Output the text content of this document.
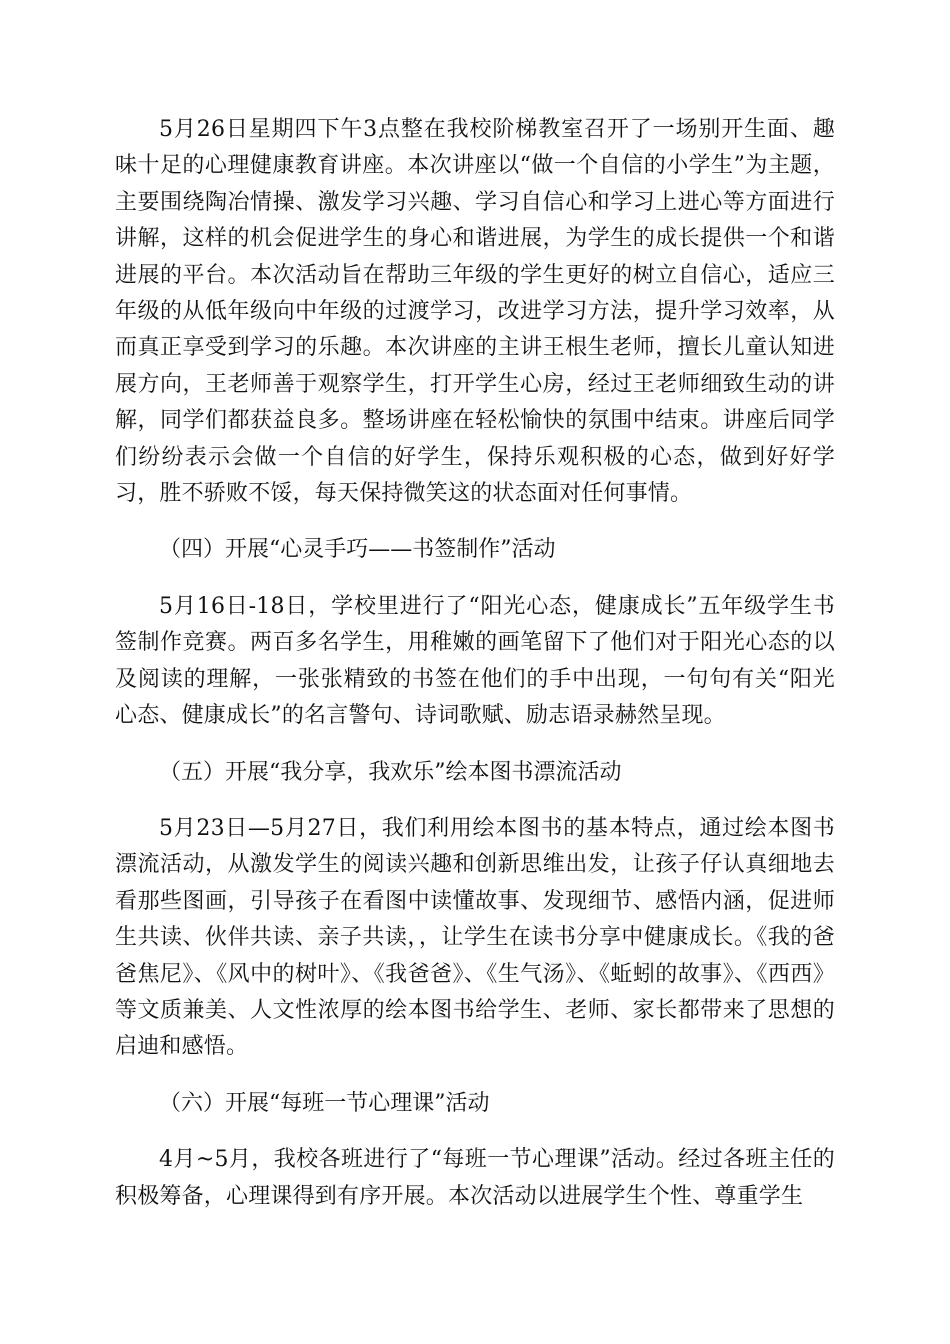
5月26日星期四下午3点整在我校阶梯教室召开了一场别开生面、趣味十足的心理健康教育讲座。本次讲座以“做一个自信的小学生”为主题，主要围绕陶冶情操、激发学习兴趣、学习自信心和学习上进心等方面进行讲解，这样的机会促进学生的身心和谐进展，为学生的成长提供一个和谐进展的平台。本次活动旨在帮助三年级的学生更好的树立自信心，适应三年级的从低年级向中年级的过渡学习，改进学习方法，提升学习效率，从而真正享受到学习的乐趣。本次讲座的主讲王根生老师，擅长儿童认知进展方向，王老师善于观察学生，打开学生心房，经过王老师细致生动的讲解，同学们都获益良多。整场讲座在轻松愉快的氛围中结束。讲座后同学们纷纷表示会做一个自信的好学生，保持乐观积极的心态，做到好好学习，胜不骄败不馁，每天保持微笑这的状态面对任何事情。

（四）开展“心灵手巧——书签制作”活动

5月16日-18日，学校里进行了“阳光心态，健康成长”五年级学生书签制作竞赛。两百多名学生，用稚嫩的画笔留下了他们对于阳光心态的以及阅读的理解，一张张精致的书签在他们的手中出现，一句句有关“阳光心态、健康成长”的名言警句、诗词歌赋、励志语录赫然呈现。

（五）开展“我分享，我欢乐”绘本图书漂流活动

5月23日—5月27日，我们利用绘本图书的基本特点，通过绘本图书漂流活动，从激发学生的阅读兴趣和创新思维出发，让孩子仔认真细地去看那些图画，引导孩子在看图中读懂故事、发现细节、感悟内涵，促进师生共读、伙伴共读、亲子共读，，让学生在读书分享中健康成长。《我的爸爸焦尼》、《风中的树叶》、《我爸爸》、《生气汤》、《蚯蚓的故事》、《西西》等文质兼美、人文性浓厚的绘本图书给学生、老师、家长都带来了思想的启迪和感悟。

（六）开展“每班一节心理课”活动

4月~5月，我校各班进行了“每班一节心理课”活动。经过各班主任的积极筹备，心理课得到有序开展。本次活动以进展学生个性、尊重学生
